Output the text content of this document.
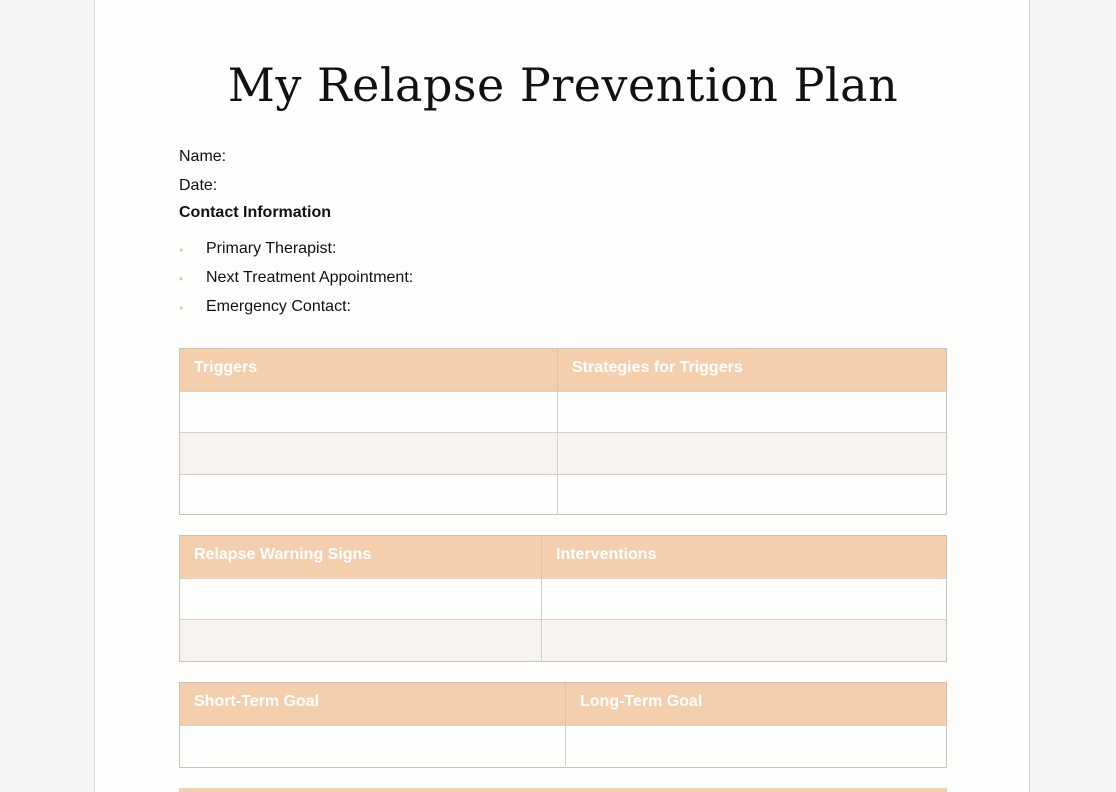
My Relapse Prevention Plan
Name:
Date:
Contact Information
•	Primary Therapist:
•	Next Treatment Appointment:
•	Emergency Contact:
Triggers	Strategies for Triggers
Relapse Warning Signs	Interventions
Short-Term Goal	Long-Term Goal
